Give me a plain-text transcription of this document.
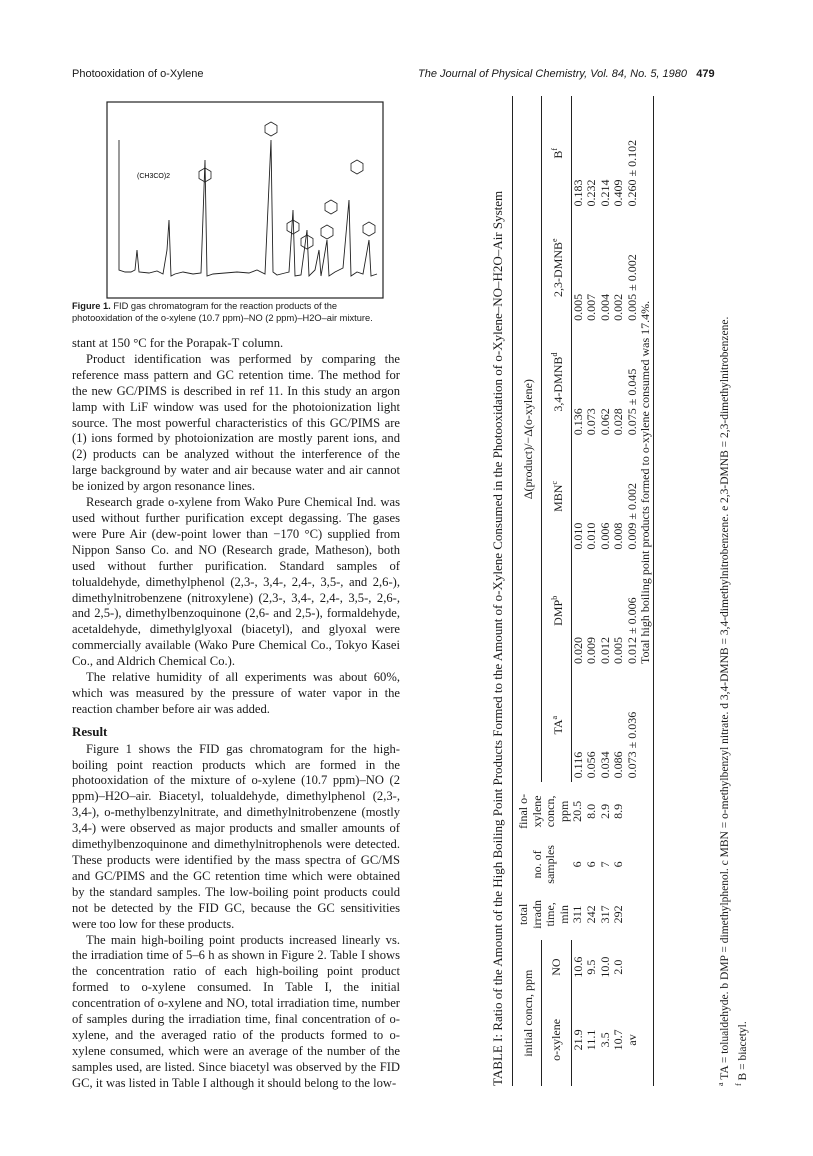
Photooxidation of o-Xylene	The Journal of Physical Chemistry, Vol. 84, No. 5, 1980 479
(CH3CO)2
Figure 1. FID gas chromatogram for the reaction products of the photooxidation of the o-xylene (10.7 ppm)–NO (2 ppm)–H2O–air mixture.

stant at 150 °C for the Porapak-T column.

Product identification was performed by comparing the reference mass pattern and GC retention time. The method for the new GC/PIMS is described in ref 11. In this study an argon lamp with LiF window was used for the photoionization light source. The most powerful characteristics of this GC/PIMS are (1) ions formed by photoionization are mostly parent ions, and (2) products can be analyzed without the interference of the large background by water and air because water and air cannot be ionized by argon resonance lines.

Research grade o-xylene from Wako Pure Chemical Ind. was used without further purification except degassing. The gases were Pure Air (dew-point lower than −170 °C) supplied from Nippon Sanso Co. and NO (Research grade, Matheson), both used without further purification. Standard samples of tolualdehyde, dimethylphenol (2,3-, 3,4-, 2,4-, 3,5-, and 2,6-), dimethylnitrobenzene (nitroxylene) (2,3-, 3,4-, 2,4-, 3,5-, 2,6-, and 2,5-), dimethylbenzoquinone (2,6- and 2,5-), formaldehyde, acetaldehyde, dimethylglyoxal (biacetyl), and glyoxal were commercially available (Wako Pure Chemical Co., Tokyo Kasei Co., and Aldrich Chemical Co.).

The relative humidity of all experiments was about 60%, which was measured by the pressure of water vapor in the reaction chamber before air was added.

Result

Figure 1 shows the FID gas chromatogram for the high-boiling point reaction products which are formed in the photooxidation of the mixture of o-xylene (10.7 ppm)–NO (2 ppm)–H2O–air. Biacetyl, tolualdehyde, dimethylphenol (2,3-, 3,4-), o-methylbenzylnitrate, and dimethylnitrobenzene (mostly 3,4-) were observed as major products and smaller amounts of dimethylbenzoquinone and dimethylnitrophenols were detected. These products were identified by the mass spectra of GC/MS and GC/PIMS and the GC retention time which were obtained by the standard samples. The low-boiling point products could not be detected by the FID GC, because the GC sensitivities were too low for these products.

The main high-boiling point products increased linearly vs. the irradiation time of 5–6 h as shown in Figure 2. Table I shows the concentration ratio of each high-boiling point product formed to o-xylene consumed. In Table I, the initial concentration of o-xylene and NO, total irradiation time, number of samples during the irradiation time, final concentration of o-xylene, and the averaged ratio of the products formed to o-xylene consumed, which were an average of the number of the samples used, are listed. Since biacetyl was observed by the FID GC, it was listed in Table I although it should belong to the low-	TABLE I: Ratio of the Amount of the High Boiling Point Products Formed to the Amount of o-Xylene Consumed in the Photooxidation of o-Xylene–NO–H2O–Air System initial concn, ppm		total irradn time, min	no. of samples	final o-xylene concn, ppm	Δ(product)/−Δ(o-xylene)					
o-xylene	NO				$TA^a$	DMP$^b$	MBN$^c$	3,4-DMNB$^d$	2,3-DMNB$^e$	$B^f$
21.9	10.6	311	6	20.5	0.116	0.020	0.010	0.136	0.005	0.183
11.1	9.5	242	6	8.0	0.056	0.009	0.010	0.073	0.007	0.232
3.5	10.0	317	7	2.9	0.034	0.012	0.006	0.062	0.004	0.214
10.7	2.0	292	6	8.9	0.086	0.005	0.008	0.028	0.002	0.409
av					0.073 ± 0.036	0.012 ± 0.006	0.009 ± 0.002	0.075 ± 0.045	0.005 ± 0.002	0.260 ± 0.102
						Total high boiling point products formed to o-xylene consumed was 17.4%.				
$^a$ TA = tolualdehyde. b DMP = dimethylphenol. c MBN = o-methylbenzyl nitrate. d 3,4-DMNB = 3,4-dimethylnitrobenzene. e 2,3-DMNB = 2,3-dimethylnitrobenzene.
$^f$ B = biacetyl.
